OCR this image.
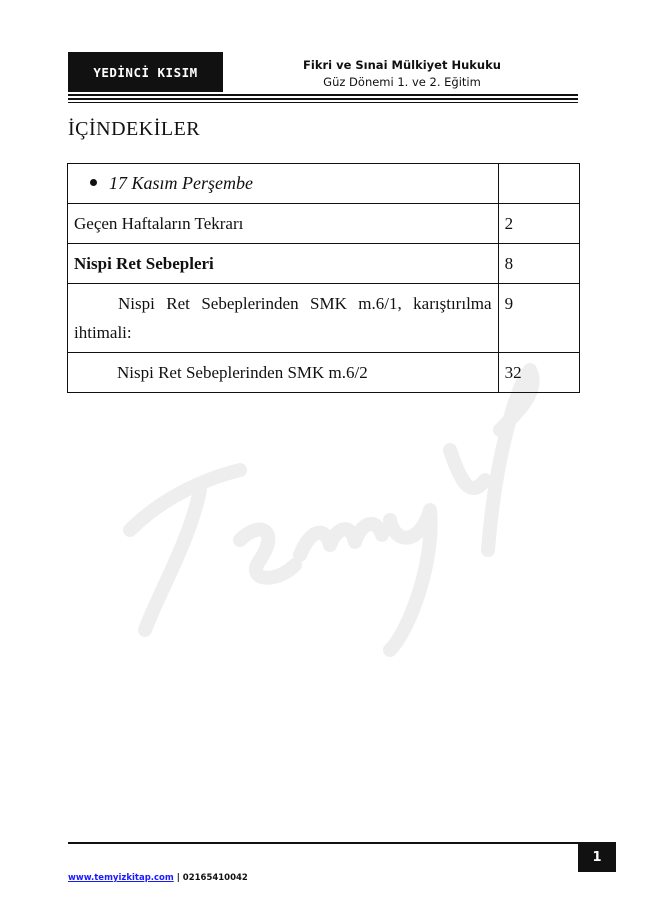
YEDİNCİ KISIM	Fikri ve Sınai Mülkiyet Hukuku
Güz Dönemi 1. ve 2. Eğitim
İÇİNDEKİLER
17 Kasım Perşembe	
Geçen Haftaların Tekrarı	2
Nispi Ret Sebepleri	8
Nispi Ret Sebeplerinden SMK m.6/1, karıştırılma ihtimali:	9
Nispi Ret Sebeplerinden SMK m.6/2	32
1
www.temyizkitap.com | 02165410042
